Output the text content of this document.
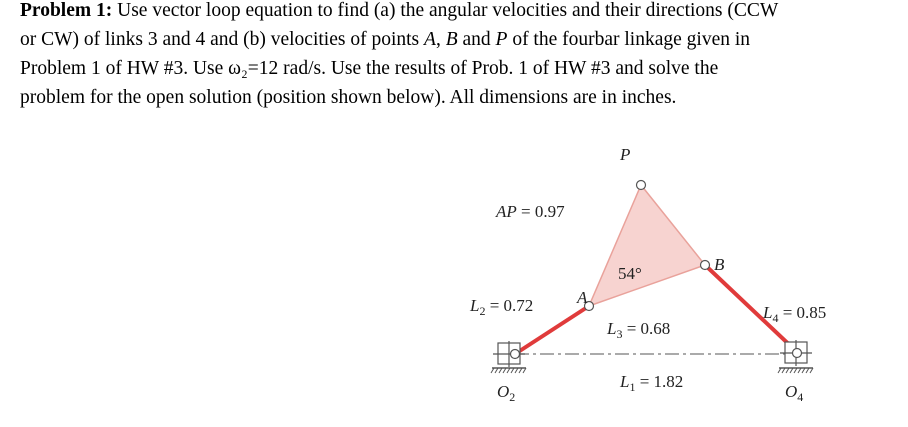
Problem 1: Use vector loop equation to find (a) the angular velocities and their directions (CCW
or CW) of links 3 and 4 and (b) velocities of points A, B and P of the fourbar linkage given in
Problem 1 of HW #3. Use ω₂=12 rad/s. Use the results of Prob. 1 of HW #3 and solve the
problem for the open solution (position shown below). All dimensions are in inches.
P
A
B
54°
AP = 0.97
$L_2 = 0.72$
$L_3 = 0.68$
$L_1 = 1.82$
$L_4 = 0.85$
$O_2$	$O_4$
